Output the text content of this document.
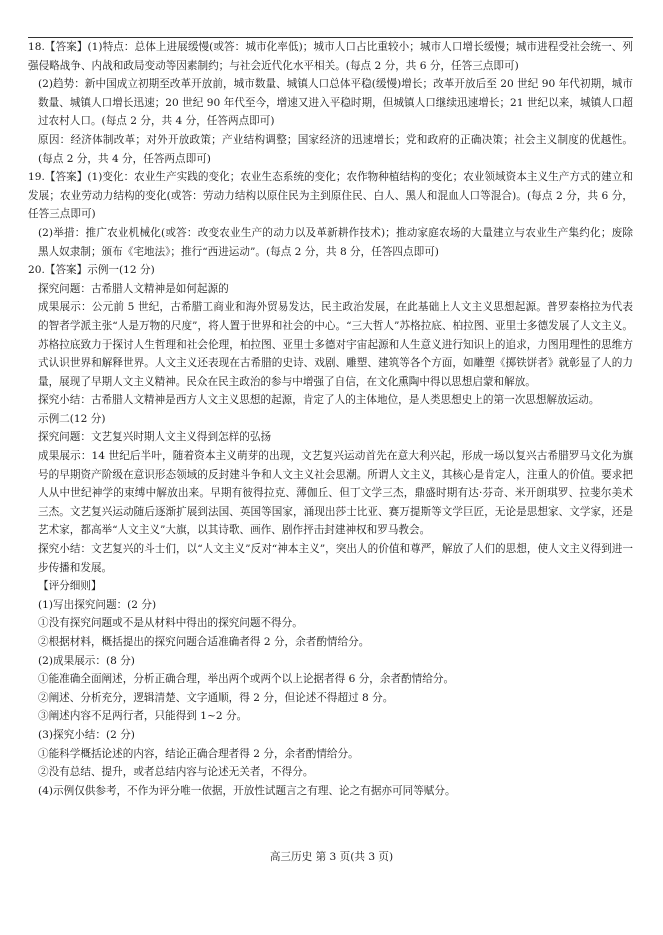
18.【答案】(1)特点：总体上进展缓慢(或答：城市化率低)；城市人口占比重较小；城市人口增长缓慢；城市进程受社会统一、列强侵略战争、内战和政局变动等因素制约；与社会近代化水平相关。(每点 2 分，共 6 分，任答三点即可)

(2)趋势：新中国成立初期至改革开放前，城市数量、城镇人口总体平稳(缓慢)增长；改革开放后至 20 世纪 90 年代初期，城市数量、城镇人口增长迅速；20 世纪 90 年代至今，增速又进入平稳时期，但城镇人口继续迅速增长；21 世纪以来，城镇人口超过农村人口。(每点 2 分，共 4 分，任答两点即可)

原因：经济体制改革；对外开放政策；产业结构调整；国家经济的迅速增长；党和政府的正确决策；社会主义制度的优越性。(每点 2 分，共 4 分，任答两点即可)

19.【答案】(1)变化：农业生产实践的变化；农业生态系统的变化；农作物种植结构的变化；农业领域资本主义生产方式的建立和发展；农业劳动力结构的变化(或答：劳动力结构以原住民为主到原住民、白人、黑人和混血人口等混合)。(每点 2 分，共 6 分，任答三点即可)

(2)举措：推广农业机械化(或答：改变农业生产的动力以及革新耕作技术)；推动家庭农场的大量建立与农业生产集约化；废除黑人奴隶制；颁布《宅地法》；推行“西进运动”。(每点 2 分，共 8 分，任答四点即可)

20.【答案】示例一(12 分)

探究问题：古希腊人文精神是如何起源的

成果展示：公元前 5 世纪，古希腊工商业和海外贸易发达，民主政治发展，在此基础上人文主义思想起源。普罗泰格拉为代表的智者学派主张“人是万物的尺度”，将人置于世界和社会的中心。“三大哲人”苏格拉底、柏拉图、亚里士多德发展了人文主义。苏格拉底致力于探讨人生哲理和社会伦理，柏拉图、亚里士多德对宇宙起源和人生意义进行知识上的追求，力图用理性的思维方式认识世界和解释世界。人文主义还表现在古希腊的史诗、戏剧、雕塑、建筑等各个方面，如雕塑《掷铁饼者》就彰显了人的力量，展现了早期人文主义精神。民众在民主政治的参与中增强了自信，在文化熏陶中得以思想启蒙和解放。

探究小结：古希腊人文精神是西方人文主义思想的起源，肯定了人的主体地位，是人类思想史上的第一次思想解放运动。

示例二(12 分)

探究问题：文艺复兴时期人文主义得到怎样的弘扬

成果展示：14 世纪后半叶，随着资本主义萌芽的出现，文艺复兴运动首先在意大利兴起，形成一场以复兴古希腊罗马文化为旗号的早期资产阶级在意识形态领域的反封建斗争和人文主义社会思潮。所谓人文主义，其核心是肯定人，注重人的价值。要求把人从中世纪神学的束缚中解放出来。早期有彼得拉克、薄伽丘、但丁文学三杰，鼎盛时期有达·芬奇、米开朗琪罗、拉斐尔美术三杰。文艺复兴运动随后逐渐扩展到法国、英国等国家，涌现出莎士比亚、赛万提斯等文学巨匠，无论是思想家、文学家，还是艺术家，都高举“人文主义”大旗，以其诗歌、画作、剧作抨击封建神权和罗马教会。

探究小结：文艺复兴的斗士们，以“人文主义”反对“神本主义”，突出人的价值和尊严，解放了人们的思想，使人文主义得到进一步传播和发展。

【评分细则】

(1)写出探究问题：(2 分)

①没有探究问题或不是从材料中得出的探究问题不得分。

②根据材料，概括提出的探究问题合适准确者得 2 分，余者酌情给分。

(2)成果展示：(8 分)

①能准确全面阐述，分析正确合理，举出两个或两个以上论据者得 6 分，余者酌情给分。

②阐述、分析充分，逻辑清楚、文字通顺，得 2 分，但论述不得超过 8 分。

③阐述内容不足两行者，只能得到 1~2 分。

(3)探究小结：(2 分)

①能科学概括论述的内容，结论正确合理者得 2 分，余者酌情给分。

②没有总结、提升，或者总结内容与论述无关者，不得分。

(4)示例仅供参考，不作为评分唯一依据，开放性试题言之有理、论之有据亦可同等赋分。

高三历史 第 3 页(共 3 页)
